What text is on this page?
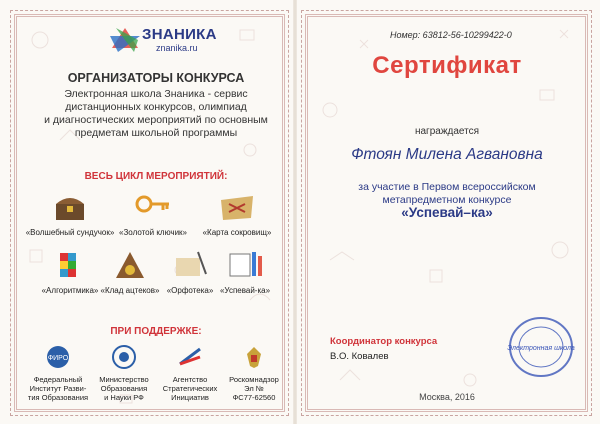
ЗНАНИКА
znanika.ru
ОРГАНИЗАТОРЫ КОНКУРСА
Электронная школа Знаника - сервис
дистанционных конкурсов, олимпиад
и диагностических мероприятий по основным
предметам школьной программы
ВЕСЬ ЦИКЛ МЕРОПРИЯТИЙ:
«Волшебный сундучок» «Золотой ключик»	«Карта сокровищ»
«Алгоритмика» «Клад ацтеков» «Орфотека» «Успевай-ка»
ПРИ ПОДДЕРЖКЕ:
ФИРО
Федеральный
Институт Разви-
тия Образования
Министерство
Образования
и Науки РФ
Агентство
Стратегических
Инициатив
Роскомнадзор
Эл №
ФС77-62560
Номер: 63812-56-10299422-0
Сертификат
награждается
Фтоян Милена Агвановна
за участие в Первом всероссийском
метапредметном конкурсе
«Успевай–ка»
Координатор конкурса
В.О. Ковалев
Электронная школа
Москва, 2016
